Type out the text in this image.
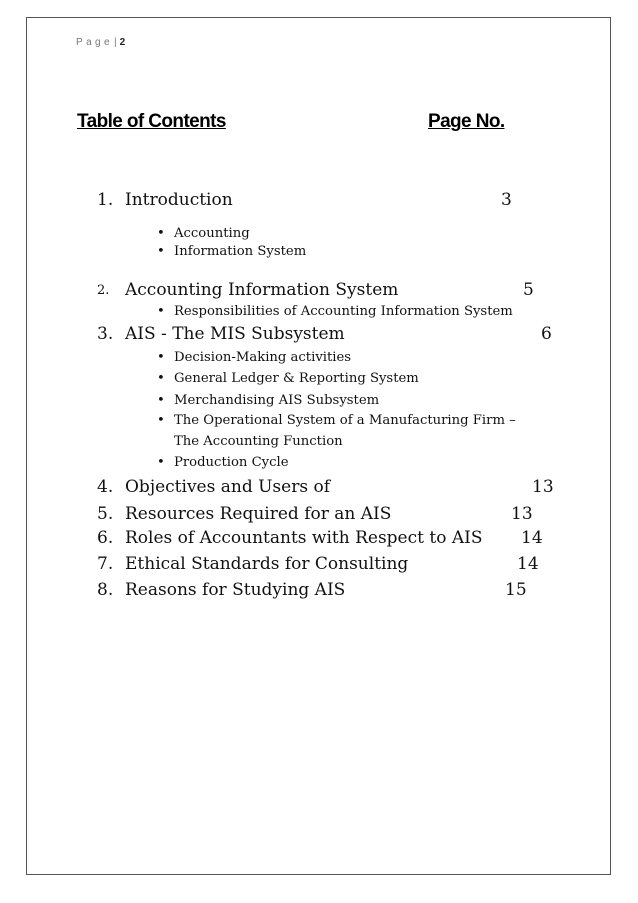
Page| 2
Table of Contents	Page No.
1. Introduction	3
• Accounting
• Information System
2. Accounting Information System	5
• Responsibilities of Accounting Information System
3. AIS - The MIS Subsystem	6
• Decision-Making activities
• General Ledger & Reporting System
• Merchandising AIS Subsystem
• The Operational System of a Manufacturing Firm –
The Accounting Function
• Production Cycle
4. Objectives and Users of	13
5. Resources Required for an AIS	13
6. Roles of Accountants with Respect to AIS 14
7. Ethical Standards for Consulting	14
8. Reasons for Studying AIS	15
